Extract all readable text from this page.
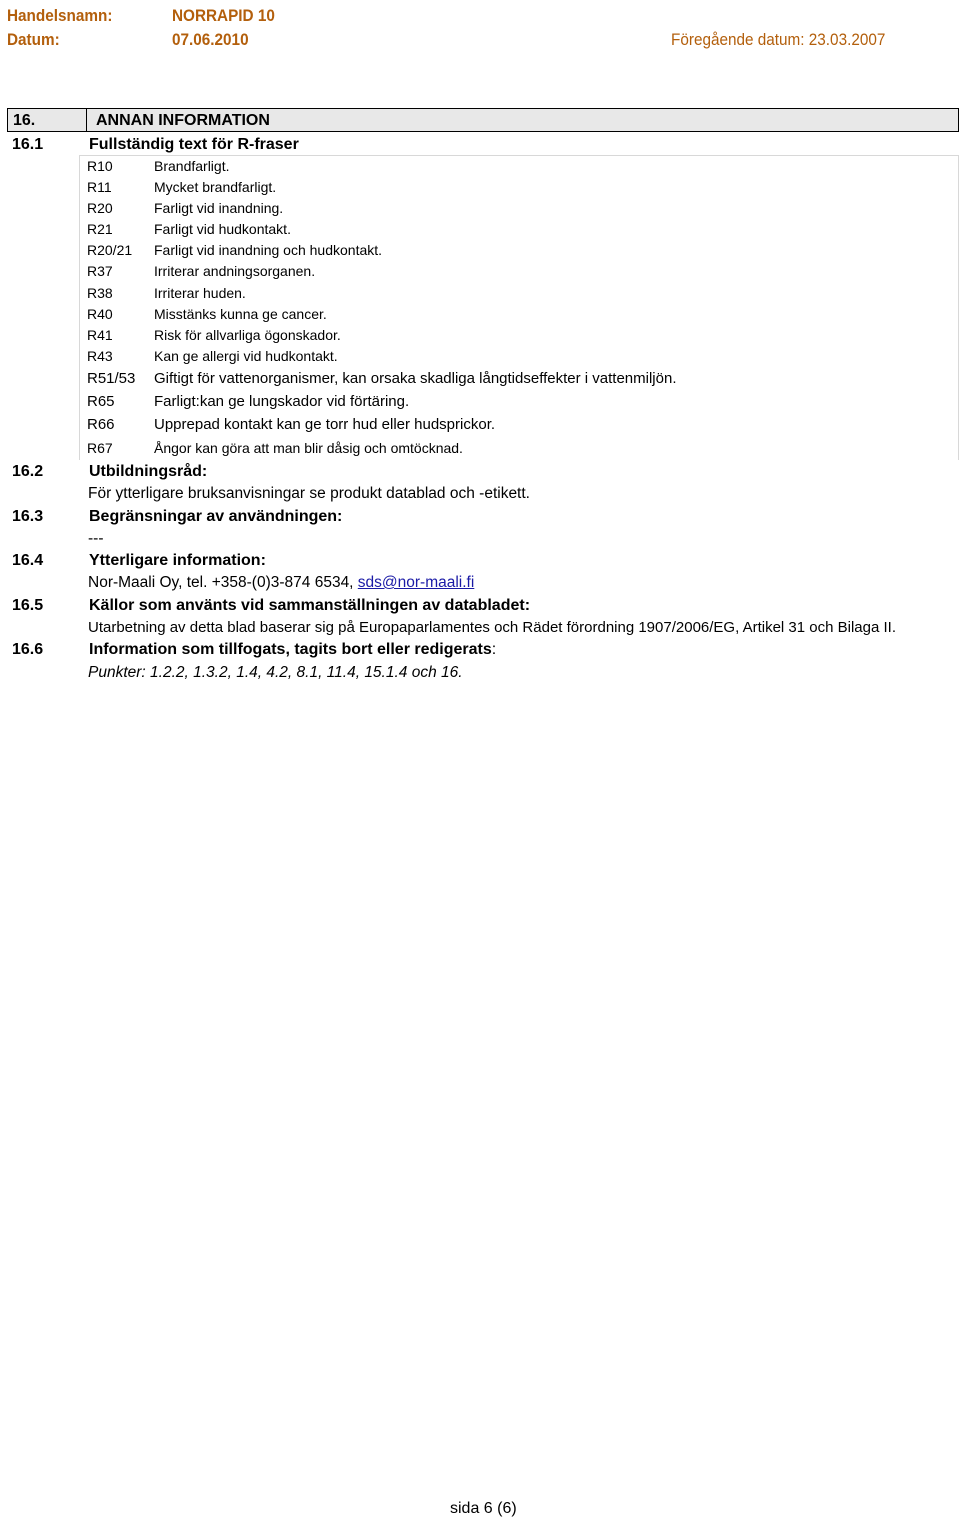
Handelsnamn:	NORRAPID 10
Datum:	07.06.2010	Föregående datum: 23.03.2007
16.	ANNAN INFORMATION
16.1	Fullständig text för R-fraser
R10	Brandfarligt.
R11	Mycket brandfarligt.
R20	Farligt vid inandning.
R21	Farligt vid hudkontakt.
R20/21 Farligt vid inandning och hudkontakt.
R37	Irriterar andningsorganen.
R38	Irriterar huden.
R40	Misstänks kunna ge cancer.
R41	Risk för allvarliga ögonskador.
R43	Kan ge allergi vid hudkontakt.
R51/53 Giftigt för vattenorganismer, kan orsaka skadliga långtidseffekter i vattenmiljön.
R65	Farligt:kan ge lungskador vid förtäring.
R66	Upprepad kontakt kan ge torr hud eller hudsprickor.
R67	Ångor kan göra att man blir dåsig och omtöcknad.
16.2	Utbildningsråd:
För ytterligare bruksanvisningar se produkt datablad och -etikett.
16.3	Begränsningar av användningen:
---
16.4	Ytterligare information:
Nor-Maali Oy, tel. +358-(0)3-874 6534, sds@nor-maali.fi
16.5	Källor som använts vid sammanställningen av databladet:
Utarbetning av detta blad baserar sig på Europaparlamentes och Rädet förordning 1907/2006/EG, Artikel 31 och Bilaga II.
16.6	Information som tillfogats, tagits bort eller redigerats:
Punkter: 1.2.2, 1.3.2, 1.4, 4.2, 8.1, 11.4, 15.1.4 och 16.
sida 6 (6)
